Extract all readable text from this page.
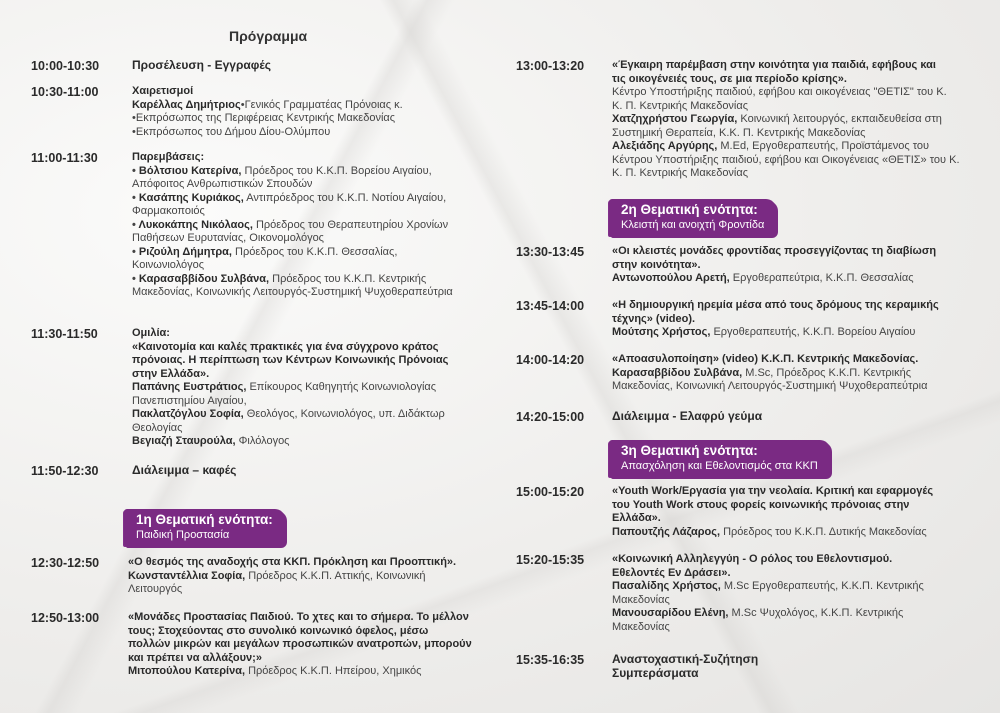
Πρόγραμμα
10:00-10:30	Προσέλευση - Εγγραφές
10:30-11:00	Χαιρετισμοί
Καρέλλας Δημήτριος•Γενικός Γραμματέας Πρόνοιας κ.
•Εκπρόσωπος της Περιφέρειας Κεντρικής Μακεδονίας
•Εκπρόσωπος του Δήμου Δίου-Ολύμπου
11:00-11:30	Παρεμβάσεις:
• Βόλτσιου Κατερίνα, Πρόεδρος του Κ.Κ.Π. Βορείου Αιγαίου,
Απόφοιτος Ανθρωπιστικών Σπουδών
• Κασάπης Κυριάκος, Αντιπρόεδρος του Κ.Κ.Π. Νοτίου Αιγαίου,
Φαρμακοποιός
• Λυκοκάπης Νικόλαος, Πρόεδρος του Θεραπευτηρίου Χρονίων
Παθήσεων Ευρυτανίας, Οικονομολόγος
• Ριζούλη Δήμητρα, Πρόεδρος του Κ.Κ.Π. Θεσσαλίας,
Κοινωνιολόγος
• Καρασαββίδου Συλβάνα, Πρόεδρος του Κ.Κ.Π. Κεντρικής
Μακεδονίας, Κοινωνικής Λειτουργός-Συστημική Ψυχοθεραπεύτρια
11:30-11:50	Ομιλία:
«Καινοτομία και καλές πρακτικές για ένα σύγχρονο κράτος
πρόνοιας. Η περίπτωση των Κέντρων Κοινωνικής Πρόνοιας
στην Ελλάδα».
Παπάνης Ευστράτιος, Επίκουρος Καθηγητής Κοινωνιολογίας
Πανεπιστημίου Αιγαίου,
Πακλατζόγλου Σοφία, Θεολόγος, Κοινωνιολόγος, υπ. Διδάκτωρ
Θεολογίας
Βεγιαζή Σταυρούλα, Φιλόλογος
11:50-12:30	Διάλειμμα – καφές
1η Θεματική ενότητα:
Παιδική Προστασία
12:30-12:50	«Ο θεσμός της αναδοχής στα ΚΚΠ. Πρόκληση και Προοπτική».
Κωνσταντέλλια Σοφία, Πρόεδρος Κ.Κ.Π. Αττικής, Κοινωνική
Λειτουργός
12:50-13:00	«Μονάδες Προστασίας Παιδιού. Το χτες και το σήμερα. Το μέλλον
τους; Στοχεύοντας στο συνολικό κοινωνικό όφελος, μέσω
πολλών μικρών και μεγάλων προσωπικών ανατροπών, μπορούν
και πρέπει να αλλάξουν;»
Μιτοπούλου Κατερίνα, Πρόεδρος Κ.Κ.Π. Ηπείρου, Χημικός
13:00-13:20	«Έγκαιρη παρέμβαση στην κοινότητα για παιδιά, εφήβους και
τις οικογένειές τους, σε μια περίοδο κρίσης».
Κέντρο Υποστήριξης παιδιού, εφήβου και οικογένειας "ΘΕΤΙΣ" του Κ.
Κ. Π. Κεντρικής Μακεδονίας
Χατζηχρήστου Γεωργία, Κοινωνική λειτουργός, εκπαιδευθείσα στη
Συστημική Θεραπεία, Κ.Κ. Π. Κεντρικής Μακεδονίας
Αλεξιάδης Αργύρης, M.Ed, Εργοθεραπευτής, Προϊστάμενος του
Κέντρου Υποστήριξης παιδιού, εφήβου και Οικογένειας «ΘΕΤΙΣ» του Κ.
Κ. Π. Κεντρικής Μακεδονίας
2η Θεματική ενότητα:
Κλειστή και ανοιχτή Φροντίδα
13:30-13:45	«Οι κλειστές μονάδες φροντίδας προσεγγίζοντας τη διαβίωση
στην κοινότητα».
Αντωνοπούλου Αρετή, Εργοθεραπεύτρια, Κ.Κ.Π. Θεσσαλίας
13:45-14:00	«Η δημιουργική ηρεμία μέσα από τους δρόμους της κεραμικής
τέχνης» (video).
Μούτσης Χρήστος, Εργοθεραπευτής, Κ.Κ.Π. Βορείου Αιγαίου
14:00-14:20	«Αποασυλοποίηση» (video) Κ.Κ.Π. Κεντρικής Μακεδονίας.
Καρασαββίδου Συλβάνα, M.Sc, Πρόεδρος Κ.Κ.Π. Κεντρικής
Μακεδονίας, Κοινωνική Λειτουργός-Συστημική Ψυχοθεραπεύτρια
14:20-15:00 Διάλειμμα - Ελαφρύ γεύμα
3η Θεματική ενότητα:
Απασχόληση και Εθελοντισμός στα ΚΚΠ
15:00-15:20	«Youth Work/Εργασία για την νεολαία. Κριτική και εφαρμογές
του Youth Work στους φορείς κοινωνικής πρόνοιας στην
Ελλάδα».
Παπουτζής Λάζαρος, Πρόεδρος του Κ.Κ.Π. Δυτικής Μακεδονίας
15:20-15:35	«Κοινωνική Αλληλεγγύη - Ο ρόλος του Εθελοντισμού.
Εθελοντές Εν Δράσει».
Πασαλίδης Χρήστος, M.Sc Εργοθεραπευτής, Κ.Κ.Π. Κεντρικής
Μακεδονίας
Μανουσαρίδου Ελένη, M.Sc Ψυχολόγος, Κ.Κ.Π. Κεντρικής
Μακεδονίας
15:35-16:35 Αναστοχαστική-Συζήτηση
Συμπεράσματα
